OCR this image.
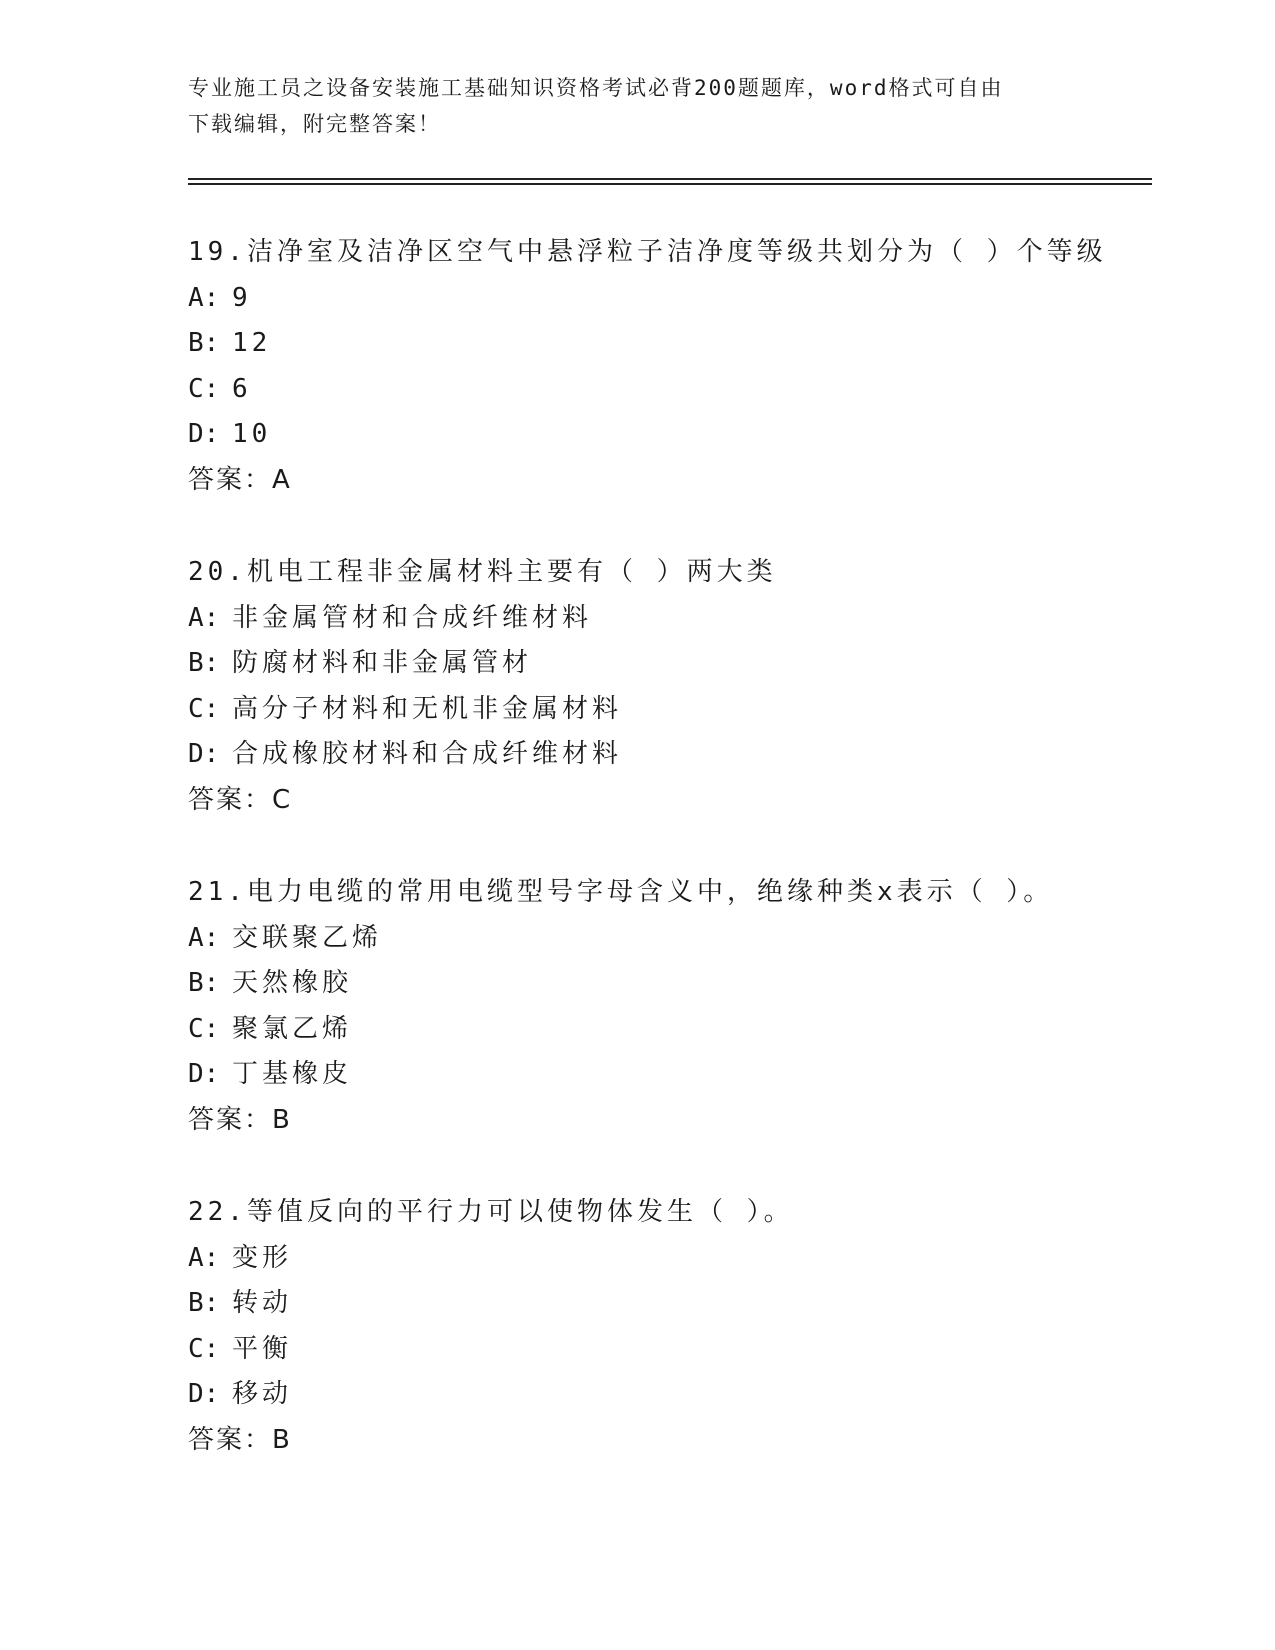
专业施工员之设备安装施工基础知识资格考试必背200题题库，word格式可自由
下载编辑，附完整答案！
19.洁净室及洁净区空气中悬浮粒子洁净度等级共划分为（ ）个等级
A: 9
B: 12
C: 6
D: 10
答案：A
20.机电工程非金属材料主要有（ ）两大类
A: 非金属管材和合成纤维材料
B: 防腐材料和非金属管材
C: 高分子材料和无机非金属材料
D: 合成橡胶材料和合成纤维材料
答案：C
21.电力电缆的常用电缆型号字母含义中，绝缘种类x表示（ ）。
A: 交联聚乙烯
B: 天然橡胶
C: 聚氯乙烯
D: 丁基橡皮
答案：B
22.等值反向的平行力可以使物体发生（ ）。
A: 变形
B: 转动
C: 平衡
D: 移动
答案：B
